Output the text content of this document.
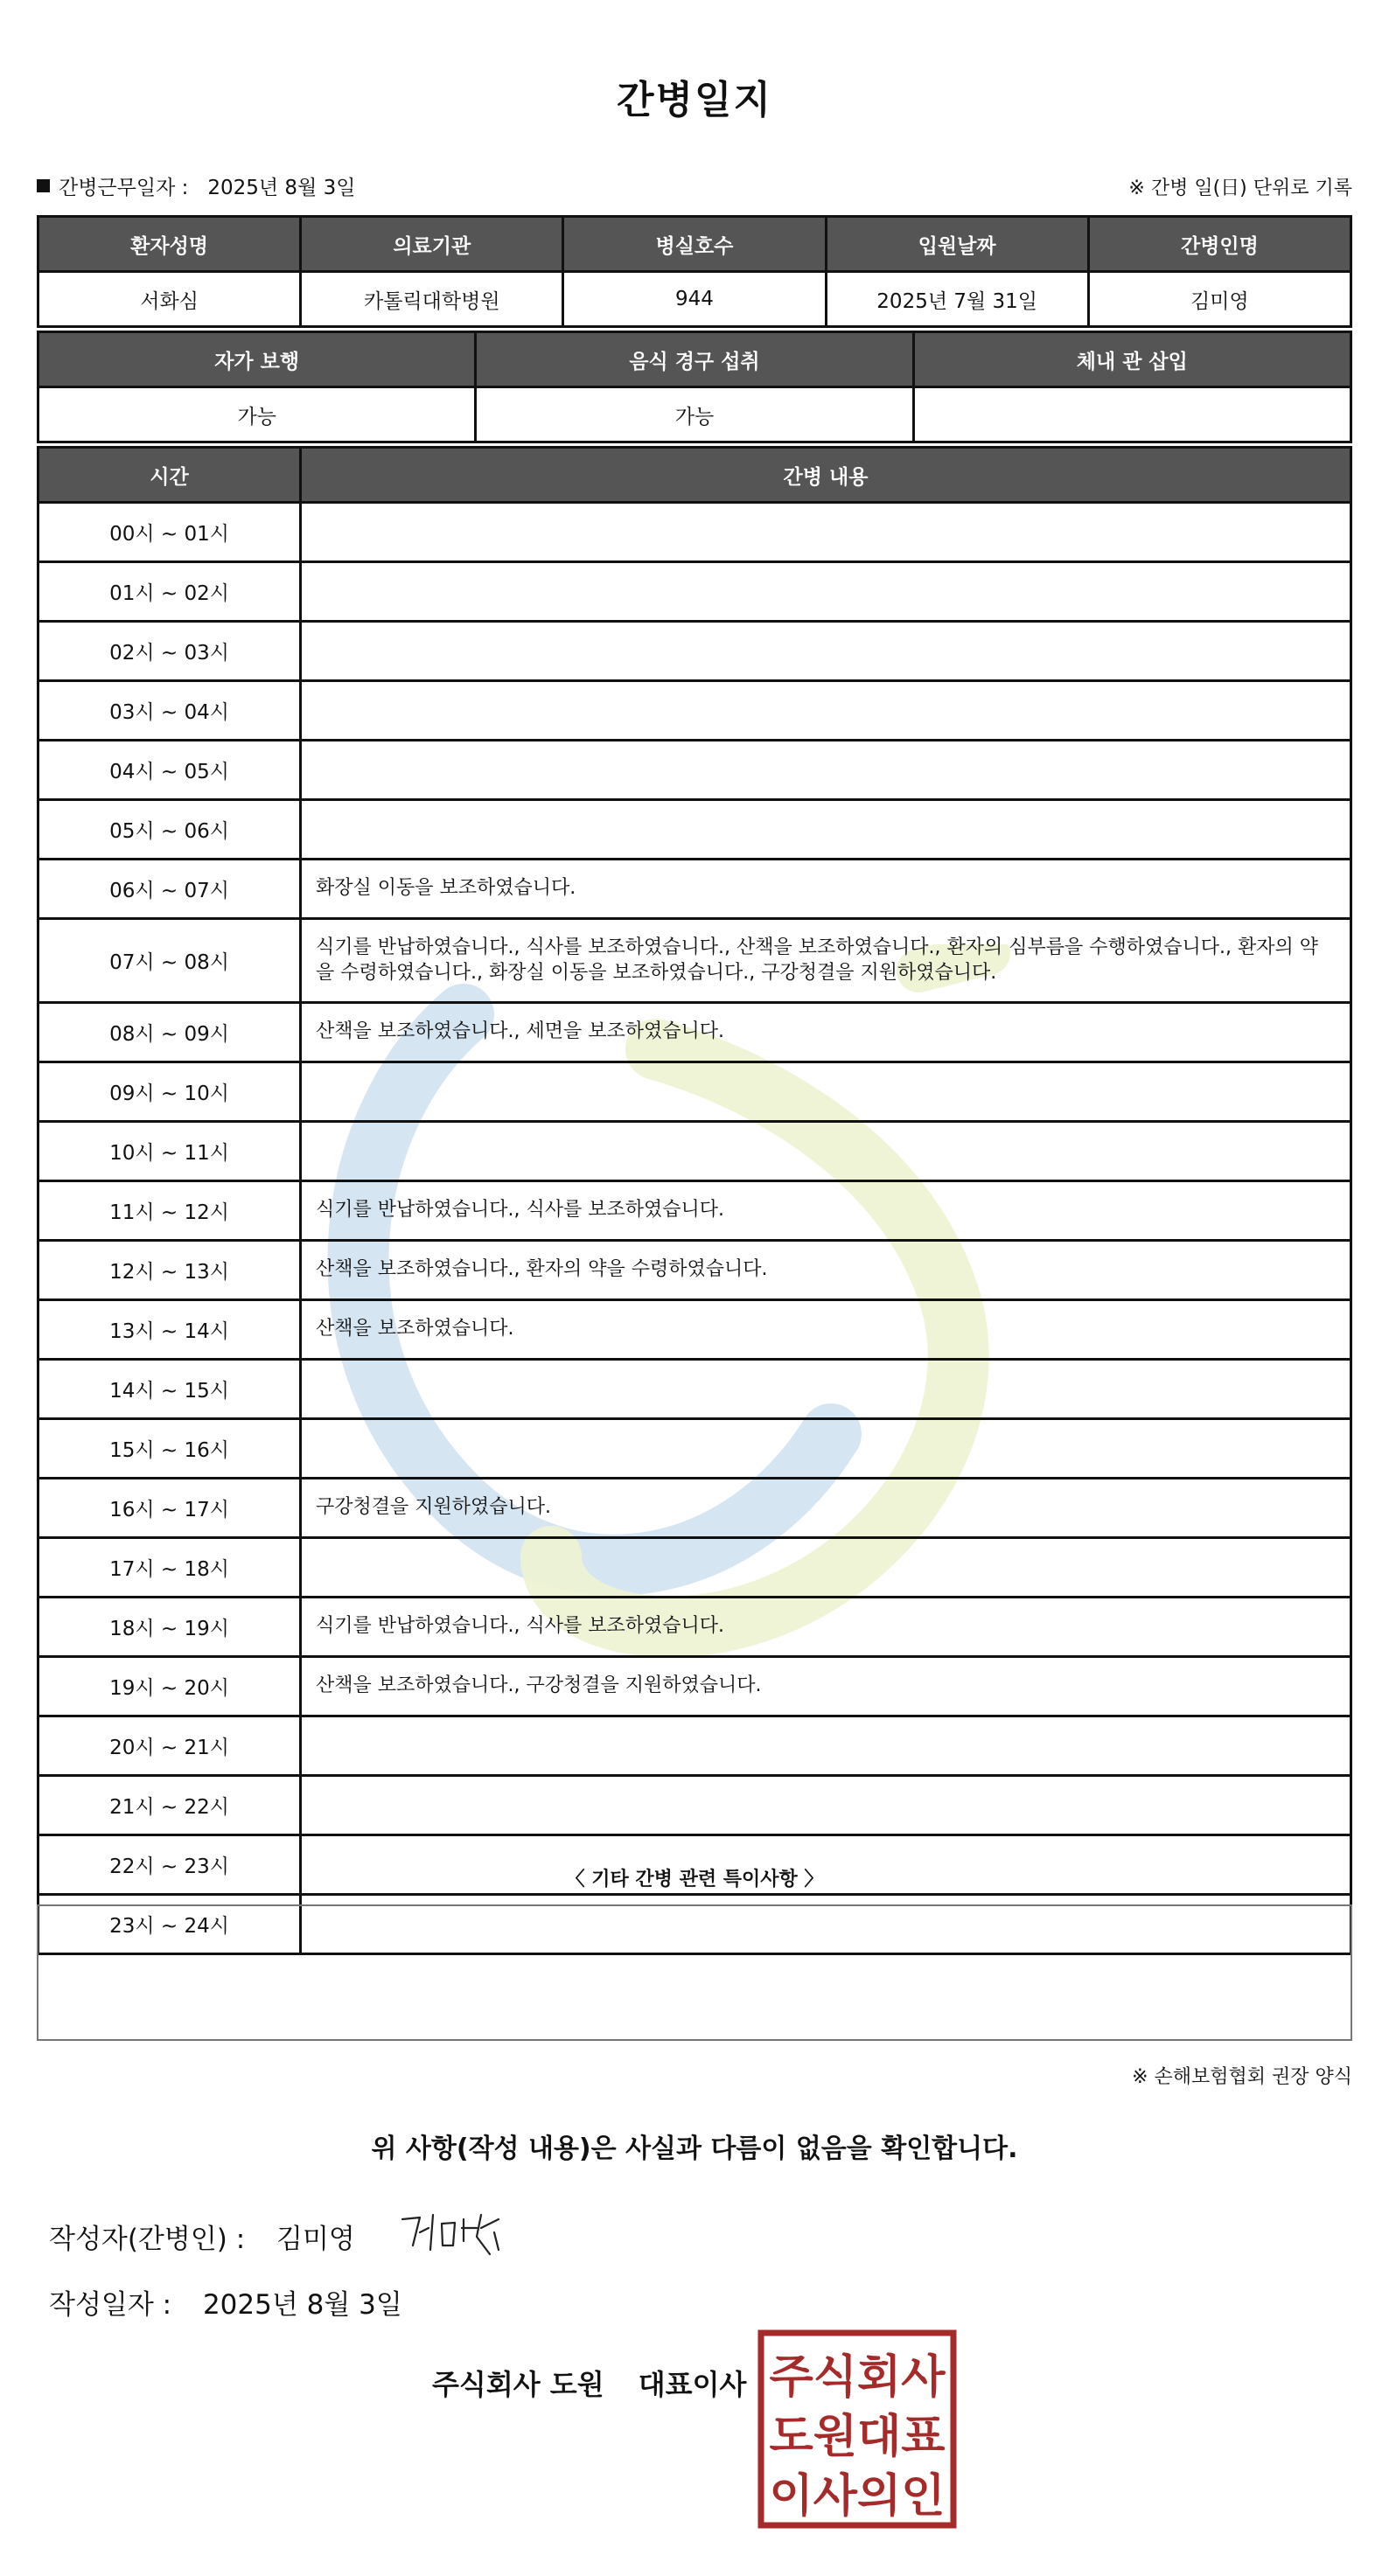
간병일지
간병근무일자 : 2025년 8월 3일	※ 간병 일(日) 단위로 기록
환자성명	의료기관	병실호수	입원날짜	간병인명
서화심	카톨릭대학병원	944	2025년 7월 31일	김미영
자가 보행	음식 경구 섭취	체내 관 삽입
가능	가능	
시간	간병 내용
00시 ~ 01시	
01시 ~ 02시	
02시 ~ 03시	
03시 ~ 04시	
04시 ~ 05시	
05시 ~ 06시	
06시 ~ 07시	화장실 이동을 보조하였습니다.
07시 ~ 08시	식기를 반납하였습니다., 식사를 보조하였습니다., 산책을 보조하였습니다., 환자의 심부름을 수행하였습니다., 환자의 약을 수령하였습니다., 화장실 이동을 보조하였습니다., 구강청결을 지원하였습니다.
08시 ~ 09시	산책을 보조하였습니다., 세면을 보조하였습니다.
09시 ~ 10시	
10시 ~ 11시	
11시 ~ 12시	식기를 반납하였습니다., 식사를 보조하였습니다.
12시 ~ 13시	산책을 보조하였습니다., 환자의 약을 수령하였습니다.
13시 ~ 14시	산책을 보조하였습니다.
14시 ~ 15시	
15시 ~ 16시	
16시 ~ 17시	구강청결을 지원하였습니다.
17시 ~ 18시	
18시 ~ 19시	식기를 반납하였습니다., 식사를 보조하였습니다.
19시 ~ 20시	산책을 보조하였습니다., 구강청결을 지원하였습니다.
20시 ~ 21시	
21시 ~ 22시	
22시 ~ 23시	
23시 ~ 24시	
〈 기타 간병 관련 특이사항 〉
※ 손해보험협회 권장 양식
위 사항(작성 내용)은 사실과 다름이 없음을 확인합니다.
작성자(간병인) : 김미영
작성일자 : 2025년 8월 3일
주식회사 도원 대표이사 주식회사
도원대표
이사의인
